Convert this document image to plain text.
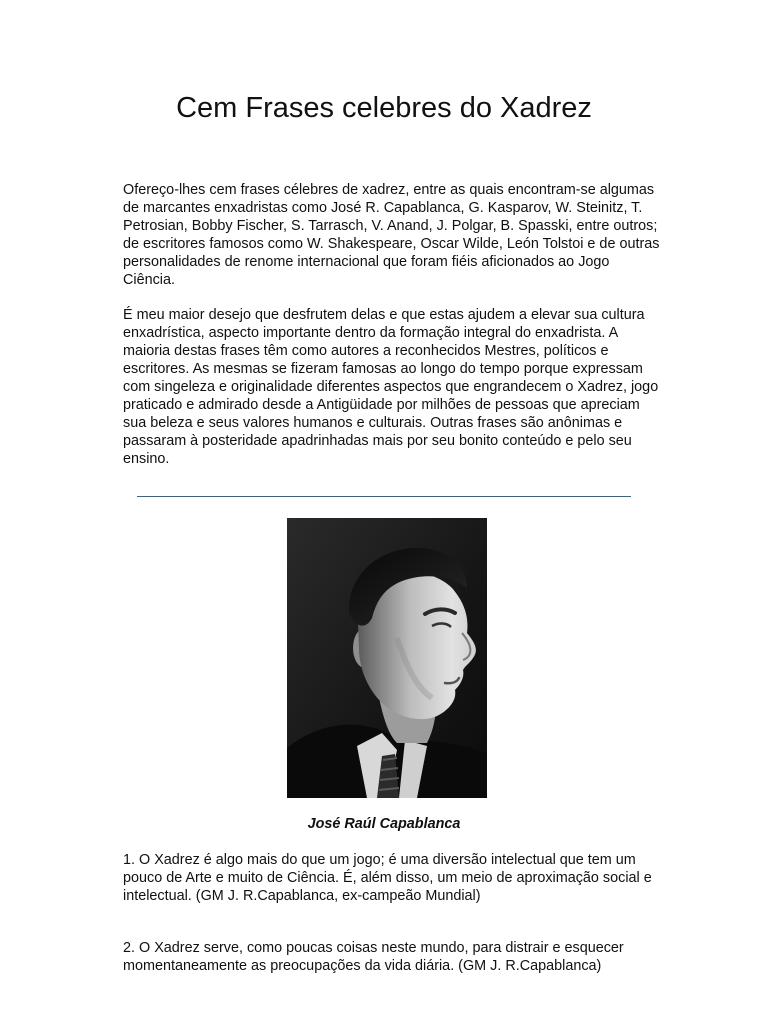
Cem Frases celebres do Xadrez

Ofereço-lhes cem frases célebres de xadrez, entre as quais encontram-se algumas de marcantes enxadristas como José R. Capablanca, G. Kasparov, W. Steinitz, T. Petrosian, Bobby Fischer, S. Tarrasch, V. Anand, J. Polgar, B. Spasski, entre outros; de escritores famosos como W. Shakespeare, Oscar Wilde, León Tolstoi e de outras personalidades de renome internacional que foram fiéis aficionados ao Jogo Ciência.

É meu maior desejo que desfrutem delas e que estas ajudem a elevar sua cultura enxadrística, aspecto importante dentro da formação integral do enxadrista. A maioria destas frases têm como autores a reconhecidos Mestres, políticos e escritores. As mesmas se fizeram famosas ao longo do tempo porque expressam com singeleza e originalidade diferentes aspectos que engrandecem o Xadrez, jogo praticado e admirado desde a Antigüidade por milhões de pessoas que apreciam sua beleza e seus valores humanos e culturais. Outras frases são anônimas e passaram à posteridade apadrinhadas mais por seu bonito conteúdo e pelo seu ensino.

José Raúl Capablanca

1. O Xadrez é algo mais do que um jogo; é uma diversão intelectual que tem um pouco de Arte e muito de Ciência. É, além disso, um meio de aproximação social e intelectual. (GM J. R.Capablanca, ex-campeão Mundial)

2. O Xadrez serve, como poucas coisas neste mundo, para distrair e esquecer momentaneamente as preocupações da vida diária. (GM J. R.Capablanca)
